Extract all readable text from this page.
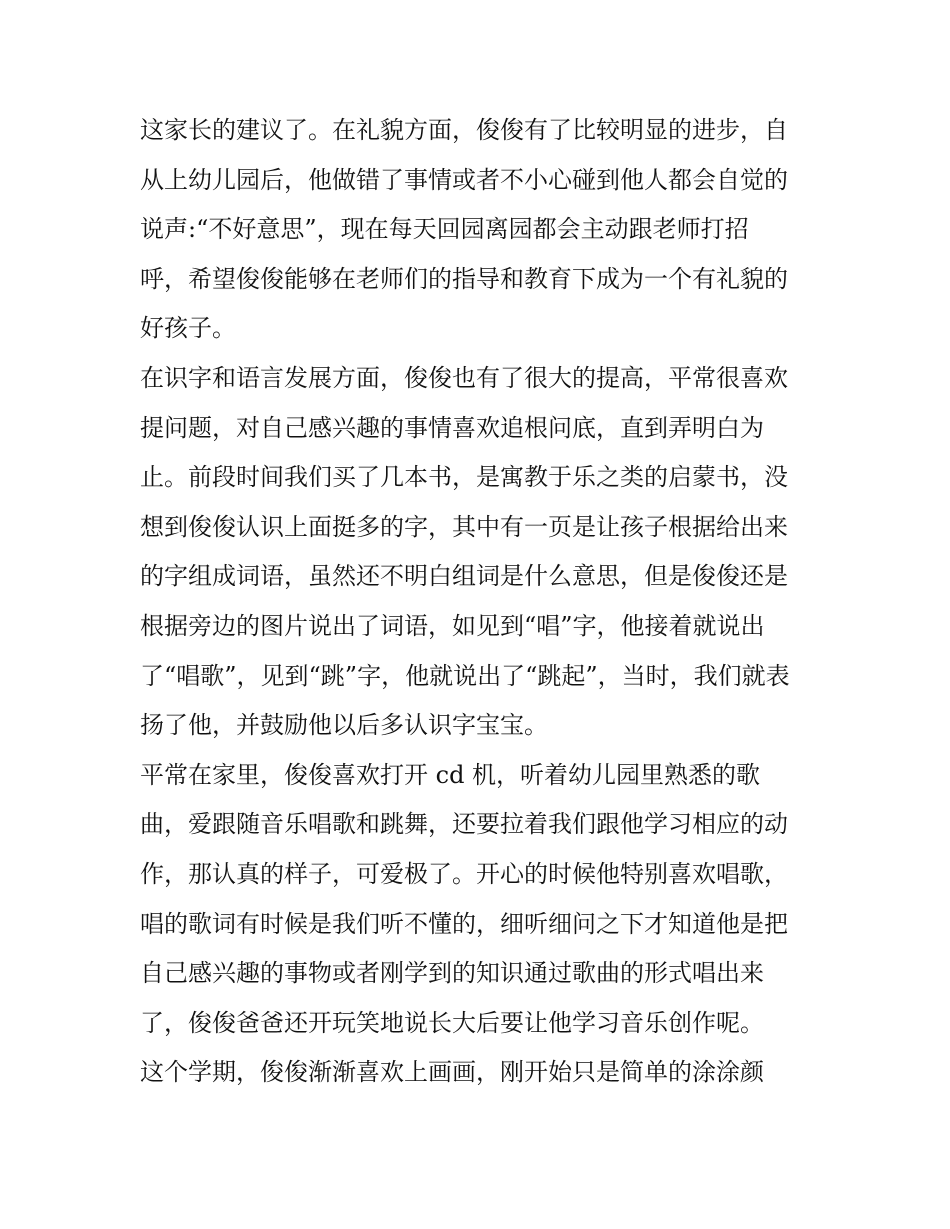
这家长的建议了。在礼貌方面，俊俊有了比较明显的进步，自
从上幼儿园后，他做错了事情或者不小心碰到他人都会自觉的
说声:“不好意思”，现在每天回园离园都会主动跟老师打招
呼，希望俊俊能够在老师们的指导和教育下成为一个有礼貌的
好孩子。
在识字和语言发展方面，俊俊也有了很大的提高，平常很喜欢
提问题，对自己感兴趣的事情喜欢追根问底，直到弄明白为
止。前段时间我们买了几本书，是寓教于乐之类的启蒙书，没
想到俊俊认识上面挺多的字，其中有一页是让孩子根据给出来
的字组成词语，虽然还不明白组词是什么意思，但是俊俊还是
根据旁边的图片说出了词语，如见到“唱”字，他接着就说出
了“唱歌”，见到“跳”字，他就说出了“跳起”，当时，我们就表
扬了他，并鼓励他以后多认识字宝宝。
平常在家里，俊俊喜欢打开 cd 机，听着幼儿园里熟悉的歌
曲，爱跟随音乐唱歌和跳舞，还要拉着我们跟他学习相应的动
作，那认真的样子，可爱极了。开心的时候他特别喜欢唱歌，
唱的歌词有时候是我们听不懂的，细听细问之下才知道他是把
自己感兴趣的事物或者刚学到的知识通过歌曲的形式唱出来
了，俊俊爸爸还开玩笑地说长大后要让他学习音乐创作呢。
这个学期，俊俊渐渐喜欢上画画，刚开始只是简单的涂涂颜
